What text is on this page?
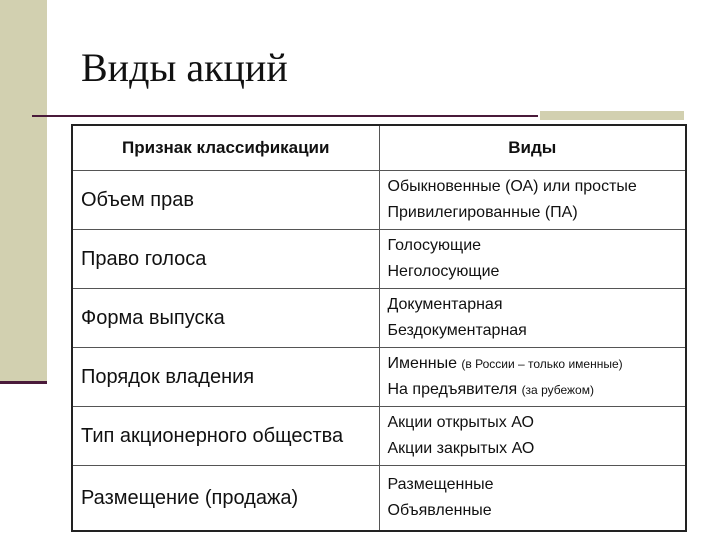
Виды акций
Признак классификации	Виды
Объем прав	Обыкновенные (ОА) или простые
Привилегированные (ПА)

Право голоса	Голосующие
Неголосующие

Форма выпуска	Документарная
Бездокументарная

Порядок владения	Именные (в России – только именные)
На предъявителя (за рубежом)

Тип акционерного общества	Акции открытых АО
Акции закрытых АО

Размещение (продажа)	Размещенные
Объявленные
